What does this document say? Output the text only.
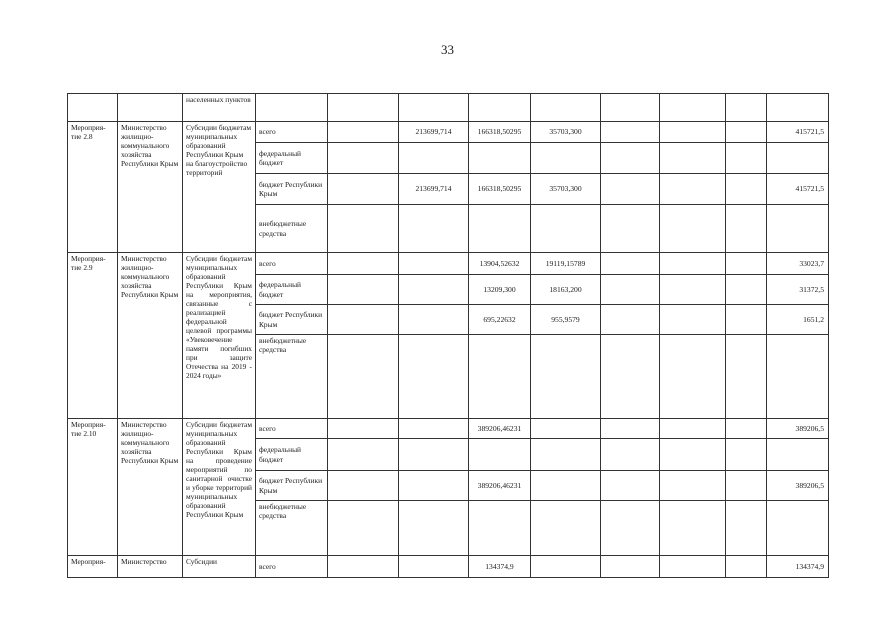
33
		населенных пунктов									
Мероприя-тие 2.8	Министерство жилищно-коммунального хозяйства Республики Крым	Субсидии бюджетам муниципальных образований Республики Крым на благоустройство территорий	всего		213699,714	166318,50295	35703,300				415721,5
			федеральный бюджет								
			бюджет Республики Крым		213699,714	166318,50295	35703,300				415721,5
			внебюджетные средства								
Мероприя-тие 2.9	Министерство жилищно-коммунального хозяйства Республики Крым	Субсидии бюджетам муниципальных образований Республики Крым на мероприятия, связанные с реализацией федеральной целевой программы «Увековечение памяти погибших при защите Отечества на 2019 - 2024 годы»	всего			13904,52632	19119,15789				33023,7
			федеральный бюджет			13209,300	18163,200				31372,5
			бюджет Республики Крым			695,22632	955,9579				1651,2
			внебюджетные средства								
Мероприя-тие 2.10	Министерство жилищно-коммунального хозяйства Республики Крым	Субсидии бюджетам муниципальных образований Республики Крым на проведение мероприятий по санитарной очистке и уборке территорий муниципальных образований Республики Крым	всего			389206,46231					389206,5
			федеральный бюджет								
			бюджет Республики Крым			389206,46231					389206,5
			внебюджетные средства								
Мероприя-	Министерство	Субсидии	всего			134374,9					134374,9
